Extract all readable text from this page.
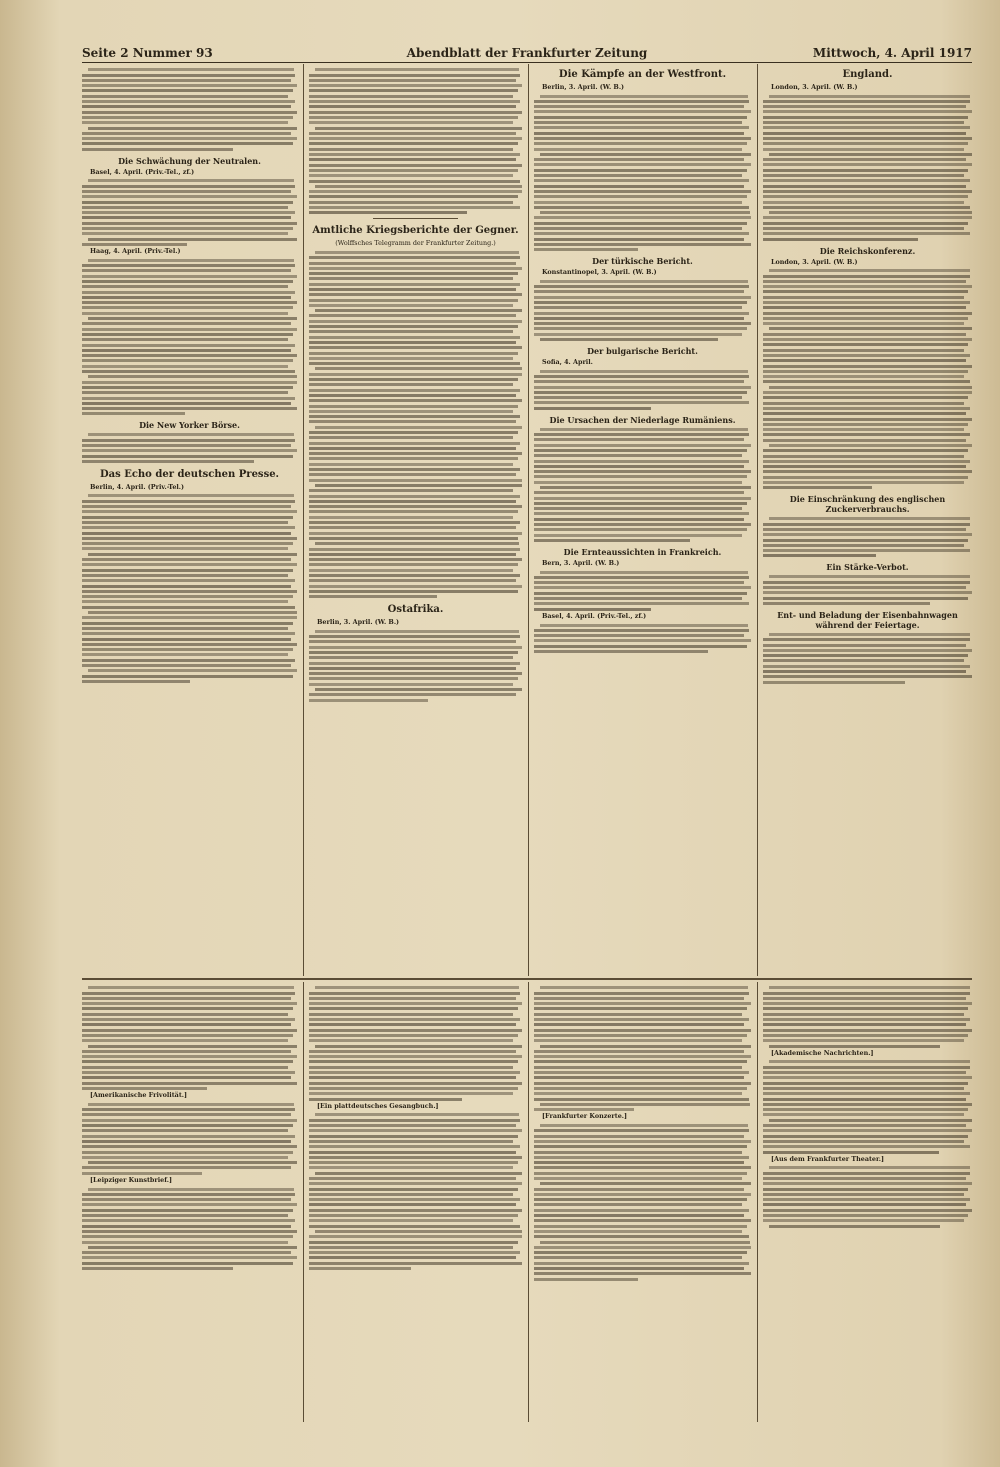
Seite 2 Nummer 93	Abendblatt der Frankfurter Zeitung	Mittwoch, 4. April 1917
Die Schwächung der Neutralen.
Basel, 4. April. (Priv.-Tel., zf.)
Haag, 4. April. (Priv.-Tel.)
Die New Yorker Börse.
Das Echo der deutschen Presse.
Berlin, 4. April. (Priv.-Tel.)
Amtliche Kriegsberichte der Gegner.
(Wolffsches Telegramm der Frankfurter Zeitung.)
Ostafrika.
Berlin, 3. April. (W. B.)
Die Kämpfe an der Westfront.
Berlin, 3. April. (W. B.)
Der türkische Bericht.
Konstantinopel, 3. April. (W. B.)
Der bulgarische Bericht.
Sofia, 4. April.
Die Ursachen der Niederlage Rumäniens.
Die Ernteaussichten in Frankreich.
Bern, 3. April. (W. B.)
Basel, 4. April. (Priv.-Tel., zf.)
England.
London, 3. April. (W. B.)
Die Reichskonferenz.
London, 3. April. (W. B.)
Die Einschränkung des englischen Zuckerverbrauchs.
Ein Stärke-Verbot.
Ent- und Beladung der Eisenbahnwagen während der Feiertage.
[Amerikanische Frivolität.]
[Leipziger Kunstbrief.]
[Ein plattdeutsches Gesangbuch.]
[Frankfurter Konzerte.]
[Akademische Nachrichten.]
[Aus dem Frankfurter Theater.]
